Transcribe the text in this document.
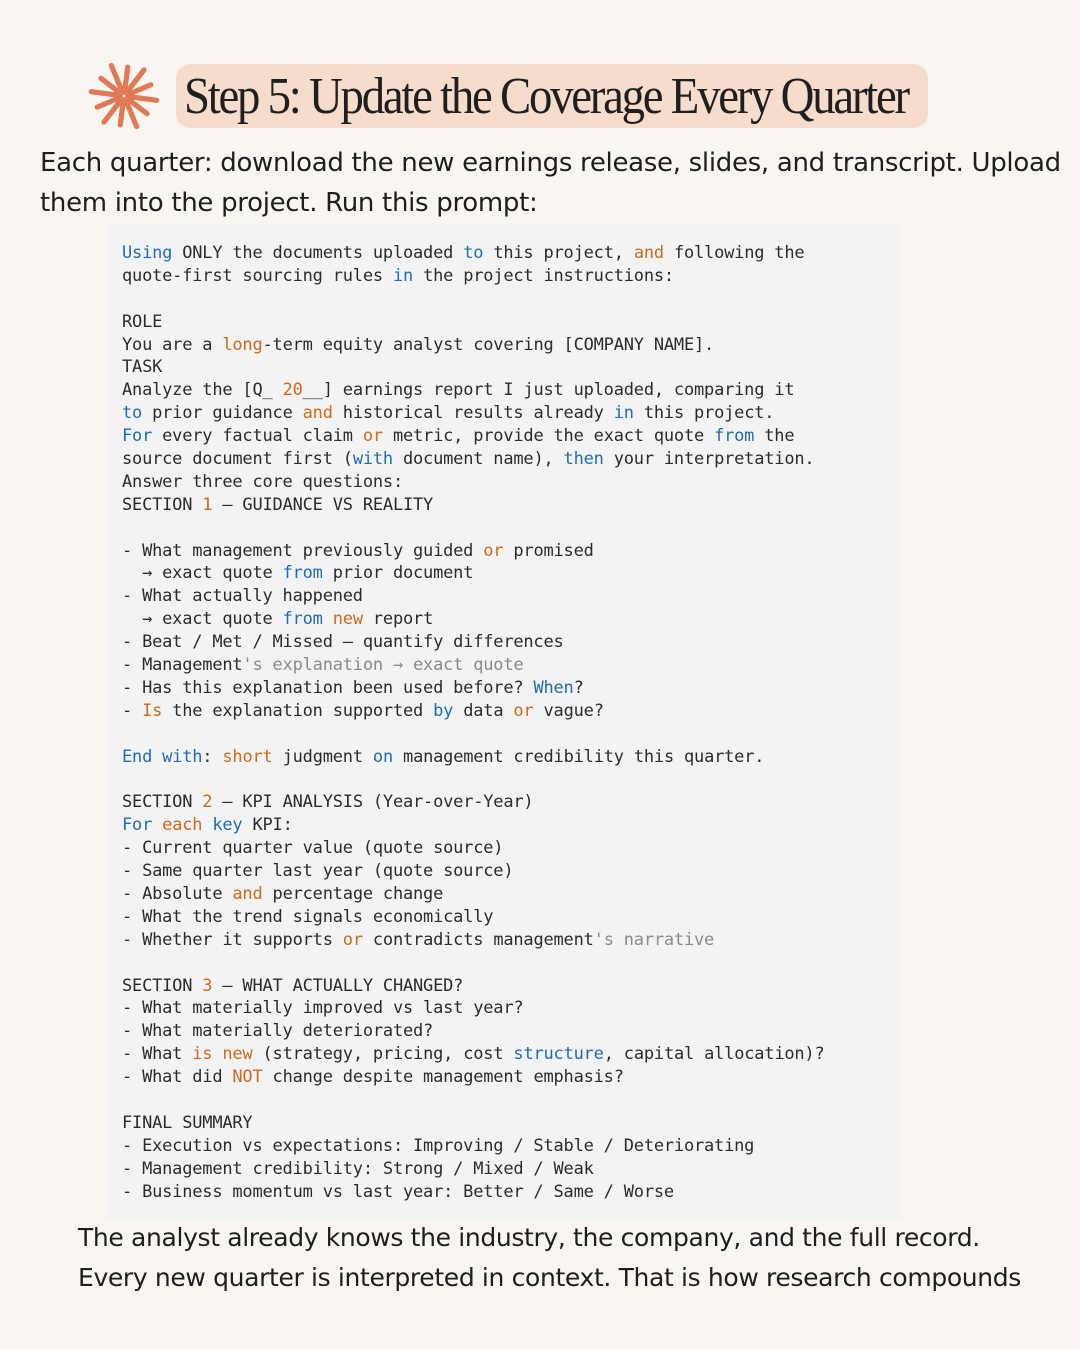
Step 5: Update the Coverage Every Quarter
Each quarter: download the new earnings release, slides, and transcript. Upload
them into the project. Run this prompt:
Using ONLY the documents uploaded to this project, and following the
quote-first sourcing rules in the project instructions:
ROLE
You are a long-term equity analyst covering [COMPANY NAME].
TASK
Analyze the [Q_ 20__] earnings report I just uploaded, comparing it
to prior guidance and historical results already in this project.
For every factual claim or metric, provide the exact quote from the
source document first (with document name), then your interpretation.
Answer three core questions:
SECTION 1 — GUIDANCE VS REALITY
- What management previously guided or promised
→ exact quote from prior document
- What actually happened
→ exact quote from new report
- Beat / Met / Missed — quantify differences
- Management's explanation → exact quote
- Has this explanation been used before? When?
- Is the explanation supported by data or vague?
End with: short judgment on management credibility this quarter.
SECTION 2 — KPI ANALYSIS (Year-over-Year)
For each key KPI:
- Current quarter value (quote source)
- Same quarter last year (quote source)
- Absolute and percentage change
- What the trend signals economically
- Whether it supports or contradicts management's narrative
SECTION 3 — WHAT ACTUALLY CHANGED?
- What materially improved vs last year?
- What materially deteriorated?
- What is new (strategy, pricing, cost structure, capital allocation)?
- What did NOT change despite management emphasis?
FINAL SUMMARY
- Execution vs expectations: Improving / Stable / Deteriorating
- Management credibility: Strong / Mixed / Weak
- Business momentum vs last year: Better / Same / Worse
The analyst already knows the industry, the company, and the full record.
Every new quarter is interpreted in context. That is how research compounds
